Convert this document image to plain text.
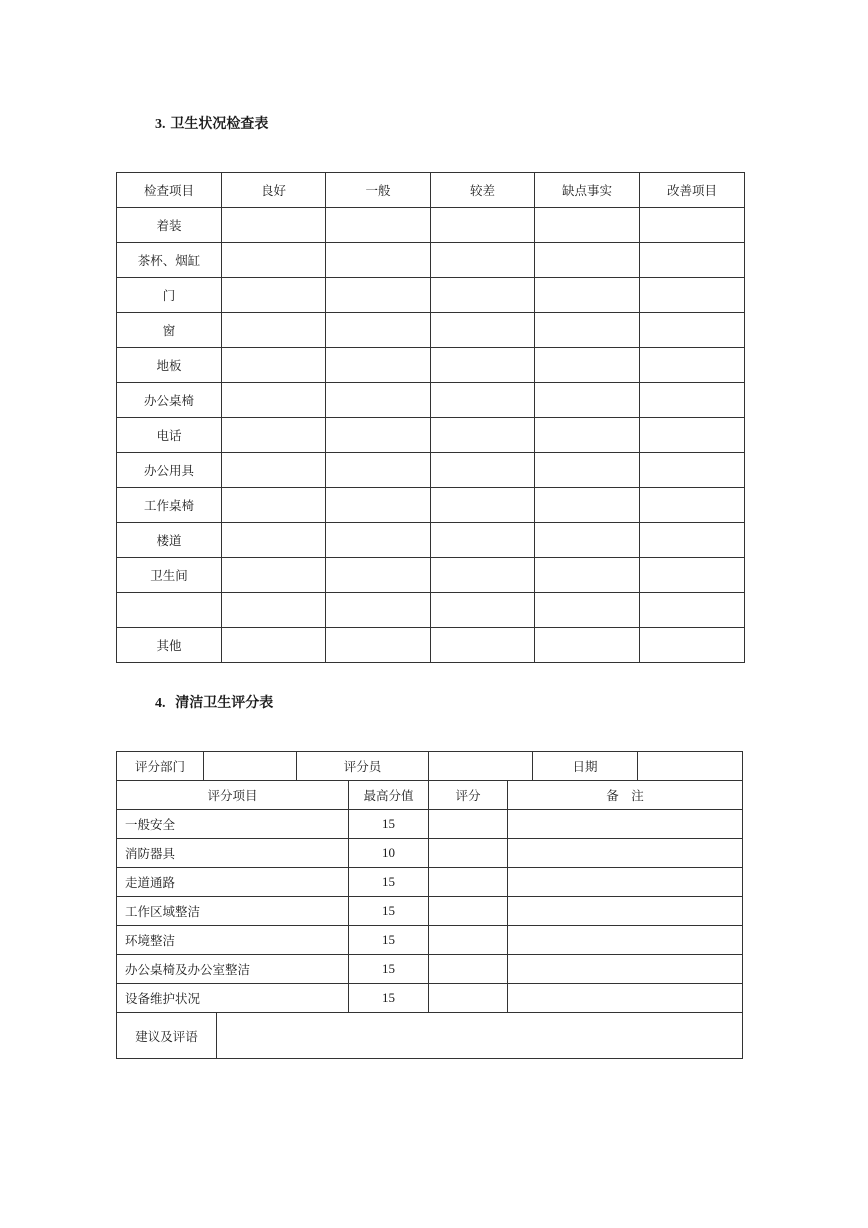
3. 卫生状况检查表
检查项目	良好	一般	较差	缺点事实	改善项目
着装					
茶杯、烟缸					
门					
窗					
地板					
办公桌椅					
电话					
办公用具					
工作桌椅					
楼道					
卫生间					

其他					
4. 清洁卫生评分表
评分部门			评分员				日期	
评分项目				最高分值	评分	备　注		
一般安全				15				
消防器具				10				
走道通路				15				
工作区域整洁				15				
环境整洁				15				
办公桌椅及办公室整洁				15				
设备维护状况				15				
建议及评语								
